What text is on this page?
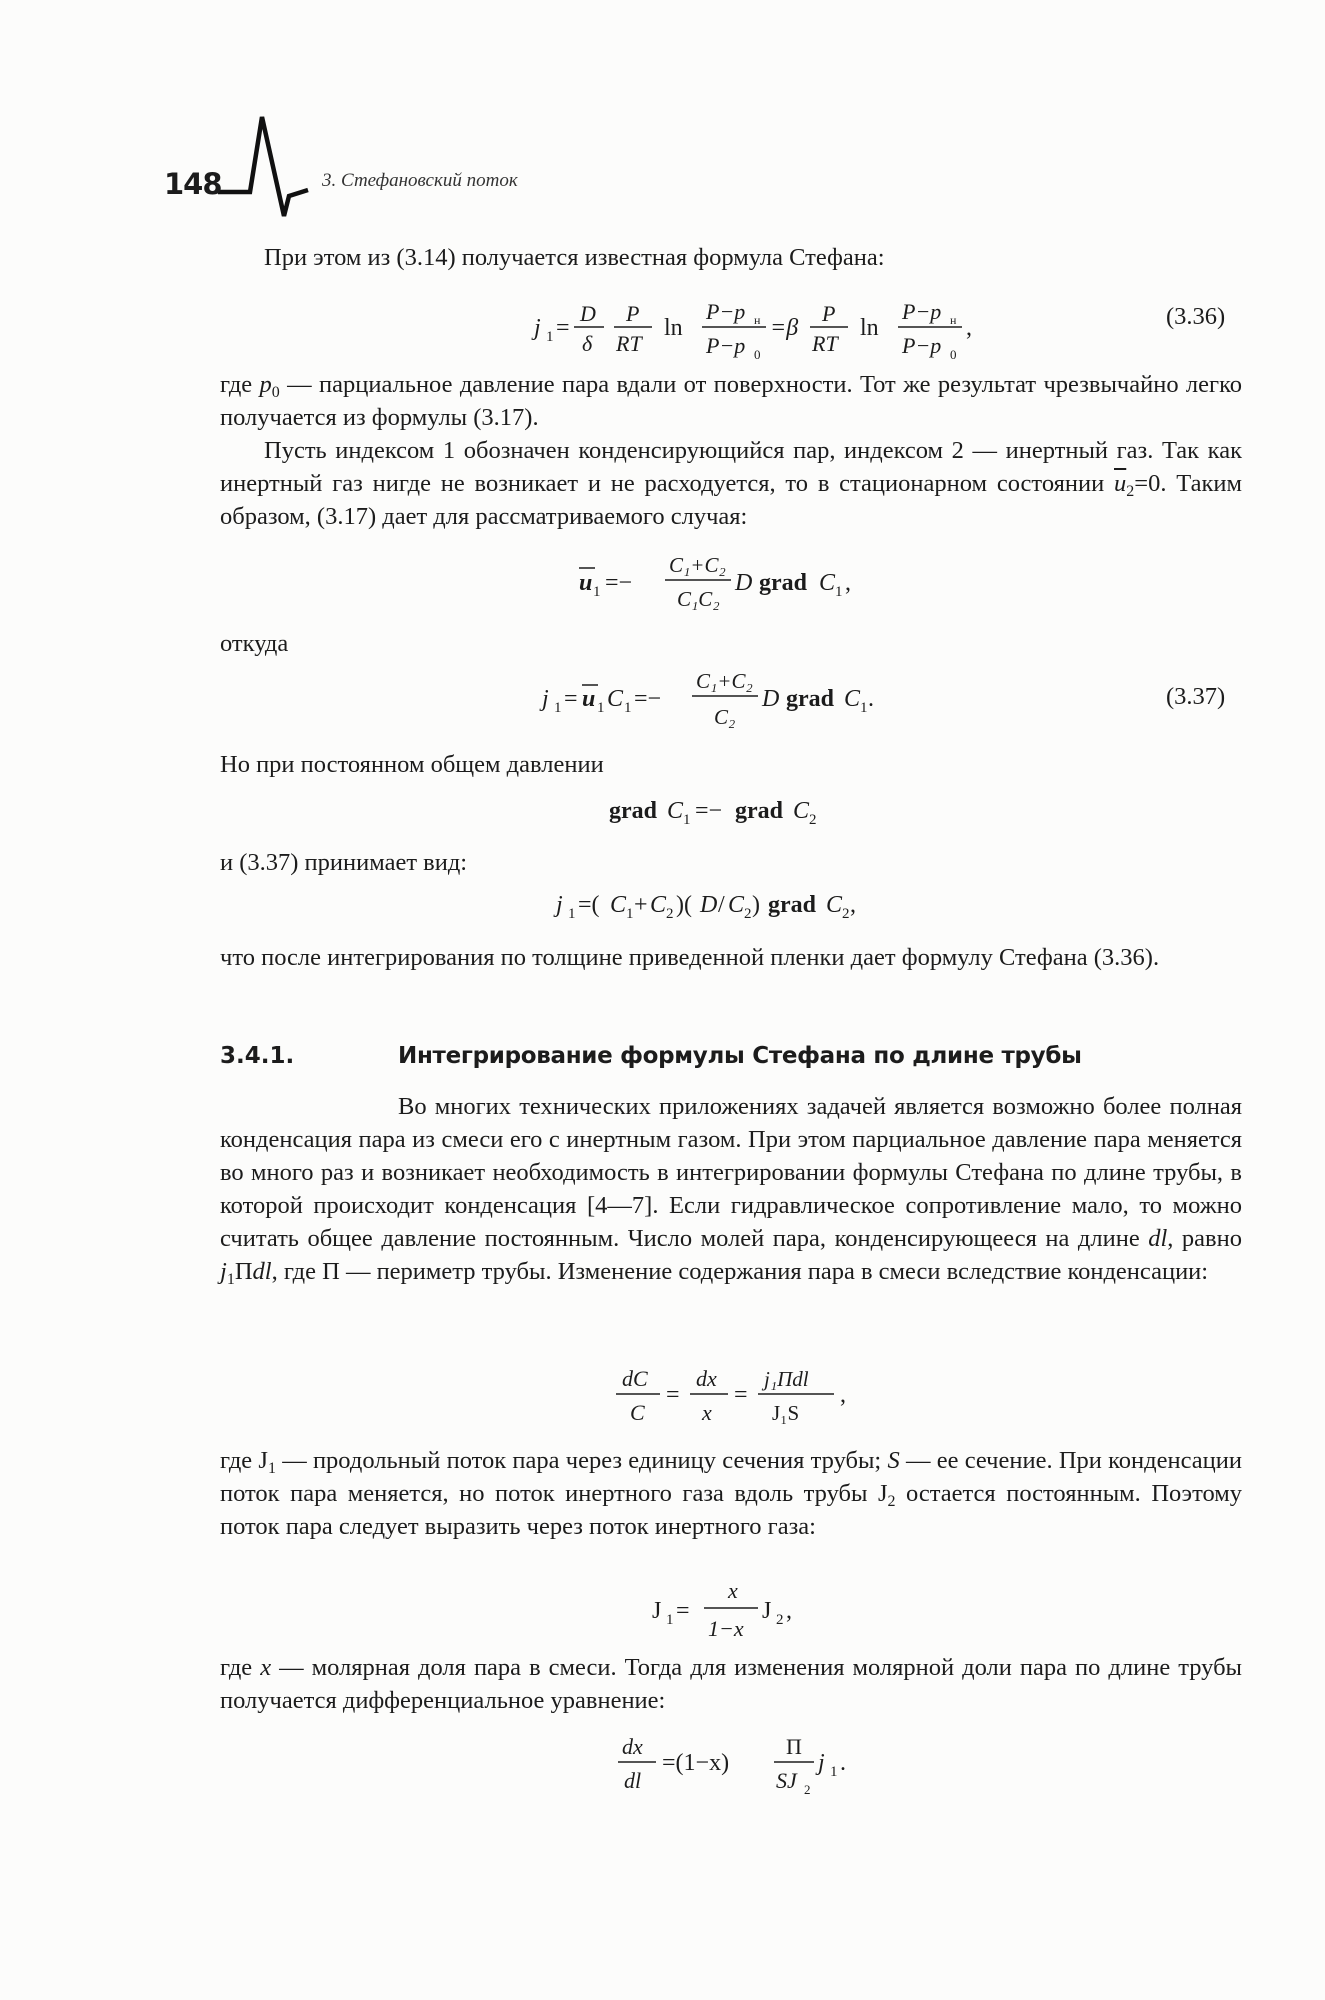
148	3. Стефановский поток

При этом из (3.14) получается известная формула Стефана:

j 1 =
D
δ
P
RT
ln
P−p н
P−p 0
=β
P
RT
ln
P−p н
P−p 0
,	(3.36)

где $p_0$ — парциальное давление пара вдали от поверхности. Тот же результат чрезвычайно легко получается из формулы (3.17).

Пусть индексом 1 обозначен конденсирующийся пар, индексом 2 — инертный газ. Так как инертный газ нигде не возникает и не расходуется, то в стационарном состоянии $\overline{u}_2=0$. Таким образом, (3.17) дает для рассматриваемого случая:

u 1 =−
C₁+C₂
C₁C₂
D grad C 1 ,

откуда

j 1 = u 1 C 1 =−
C₁+C₂
C₂
D grad C 1 .	(3.37)

Но при постоянном общем давлении

grad C 1 =− grad C 2

и (3.37) принимает вид:

j 1 =( C 1 + C 2 )( D / C 2 ) grad C 2 ,

что после интегрирования по толщине приведенной пленки дает формулу Стефана (3.36).

3.4.1.	Интегрирование формулы Стефана по длине трубы

Во многих технических приложениях задачей является возможно более полная конденсация пара из смеси его с инертным газом. При этом парциальное давление пара меняется во много раз и возникает необходимость в интегрировании формулы Стефана по длине трубы, в которой происходит конденсация [4—7]. Если гидравлическое сопротивление мало, то можно считать общее давление постоянным. Число молей пара, конденсирующееся на длине dl, равно $j_1\Pi dl$, где Π — периметр трубы. Изменение содержания пара в смеси вследствие конденсации:

dC
C
=
dx
x
=
j₁Πdl
J₁S
,

где $J_1$ — продольный поток пара через единицу сечения трубы; S — ее сечение. При конденсации поток пара меняется, но поток инертного газа вдоль трубы $J_2$ остается постоянным. Поэтому поток пара следует выразить через поток инертного газа:

J 1 =
x
1−x
J 2 ,

где x — молярная доля пара в смеси. Тогда для изменения молярной доли пара по длине трубы получается дифференциальное уравнение:

dx
dl
=(1−x)
Π
SJ 2
j 1 .
